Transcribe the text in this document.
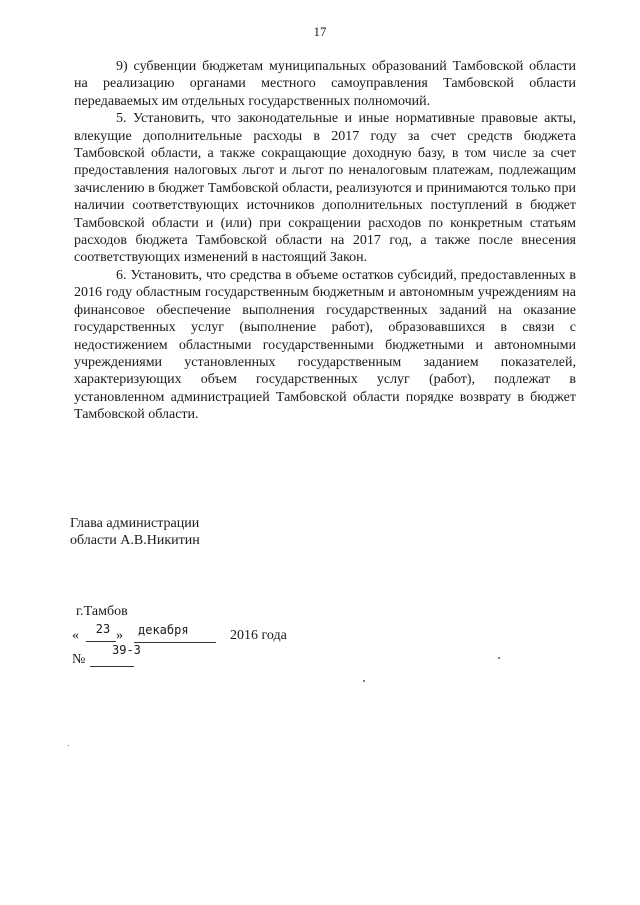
17

9) субвенции бюджетам муниципальных образований Тамбовской области на реализацию органами местного самоуправления Тамбовской области передаваемых им отдельных государственных полномочий.

5. Установить, что законодательные и иные нормативные правовые акты, влекущие дополнительные расходы в 2017 году за счет средств бюджета Тамбовской области, а также сокращающие доходную базу, в том числе за счет предоставления налоговых льгот и льгот по неналоговым платежам, подлежащим зачислению в бюджет Тамбовской области, реализуются и принимаются только при наличии соответствующих источников дополнительных поступлений в бюджет Тамбовской области и (или) при сокращении расходов по конкретным статьям расходов бюджета Тамбовской области на 2017 год, а также после внесения соответствующих изменений в настоящий Закон.

6. Установить, что средства в объеме остатков субсидий, предоставленных в 2016 году областным государственным бюджетным и автономным учреждениям на финансовое обеспечение выполнения государственных заданий на оказание государственных услуг (выполнение работ), образовавшихся в связи с недостижением областными государственными бюджетными и автономными учреждениями установленных государственным заданием показателей, характеризующих объем государственных услуг (работ), подлежат в установленном администрацией Тамбовской области порядке возврату в бюджет Тамбовской области.

Глава администрации
области А.В.Никитин
г.Тамбов
«	23 » декабря	2016 года
№
39-З
